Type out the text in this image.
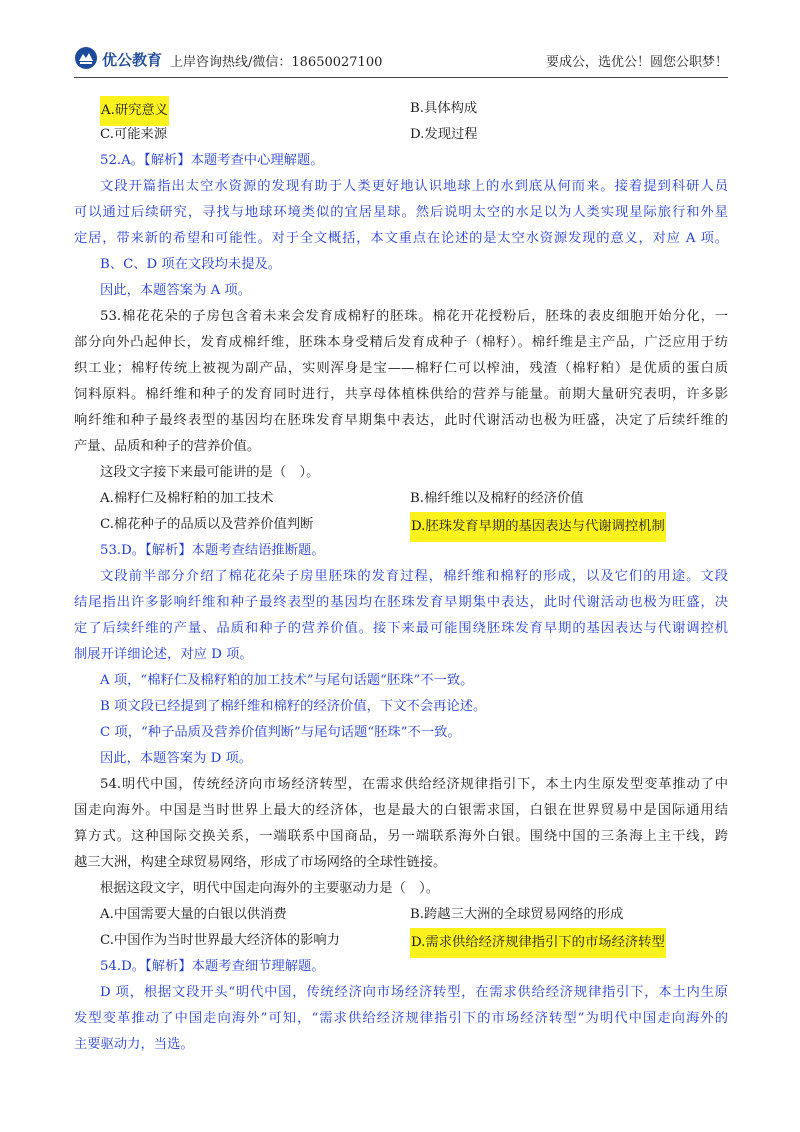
优公教育 上岸咨询热线/微信：18650027100	要成公，选优公！圆您公职梦！
A.研究意义	B.具体构成
C.可能来源	D.发现过程
52.A。【解析】本题考查中心理解题。
文段开篇指出太空水资源的发现有助于人类更好地认识地球上的水到底从何而来。接着提到科研人员
可以通过后续研究，寻找与地球环境类似的宜居星球。然后说明太空的水足以为人类实现星际旅行和外星
定居，带来新的希望和可能性。对于全文概括，本文重点在论述的是太空水资源发现的意义，对应 A 项。
B、C、D 项在文段均未提及。
因此，本题答案为 A 项。
53.棉花花朵的子房包含着未来会发育成棉籽的胚珠。棉花开花授粉后，胚珠的表皮细胞开始分化，一
部分向外凸起伸长，发育成棉纤维，胚珠本身受精后发育成种子（棉籽）。棉纤维是主产品，广泛应用于纺
织工业；棉籽传统上被视为副产品，实则浑身是宝——棉籽仁可以榨油，残渣（棉籽粕）是优质的蛋白质
饲料原料。棉纤维和种子的发育同时进行，共享母体植株供给的营养与能量。前期大量研究表明，许多影
响纤维和种子最终表型的基因均在胚珠发育早期集中表达，此时代谢活动也极为旺盛，决定了后续纤维的
产量、品质和种子的营养价值。
这段文字接下来最可能讲的是（　）。
A.棉籽仁及棉籽粕的加工技术	B.棉纤维以及棉籽的经济价值
C.棉花种子的品质以及营养价值判断	D.胚珠发育早期的基因表达与代谢调控机制
53.D。【解析】本题考查结语推断题。
文段前半部分介绍了棉花花朵子房里胚珠的发育过程，棉纤维和棉籽的形成，以及它们的用途。文段
结尾指出许多影响纤维和种子最终表型的基因均在胚珠发育早期集中表达，此时代谢活动也极为旺盛，决
定了后续纤维的产量、品质和种子的营养价值。接下来最可能围绕胚珠发育早期的基因表达与代谢调控机
制展开详细论述，对应 D 项。
A 项，“棉籽仁及棉籽粕的加工技术”与尾句话题“胚珠”不一致。
B 项文段已经提到了棉纤维和棉籽的经济价值，下文不会再论述。
C 项，“种子品质及营养价值判断”与尾句话题“胚珠”不一致。
因此，本题答案为 D 项。
54.明代中国，传统经济向市场经济转型，在需求供给经济规律指引下，本土内生原发型变革推动了中
国走向海外。中国是当时世界上最大的经济体，也是最大的白银需求国，白银在世界贸易中是国际通用结
算方式。这种国际交换关系，一端联系中国商品，另一端联系海外白银。围绕中国的三条海上主干线，跨
越三大洲，构建全球贸易网络，形成了市场网络的全球性链接。
根据这段文字，明代中国走向海外的主要驱动力是（　）。
A.中国需要大量的白银以供消费	B.跨越三大洲的全球贸易网络的形成
C.中国作为当时世界最大经济体的影响力	D.需求供给经济规律指引下的市场经济转型
54.D。【解析】本题考查细节理解题。
D 项，根据文段开头“明代中国，传统经济向市场经济转型，在需求供给经济规律指引下，本土内生原
发型变革推动了中国走向海外”可知，“需求供给经济规律指引下的市场经济转型”为明代中国走向海外的
主要驱动力，当选。
